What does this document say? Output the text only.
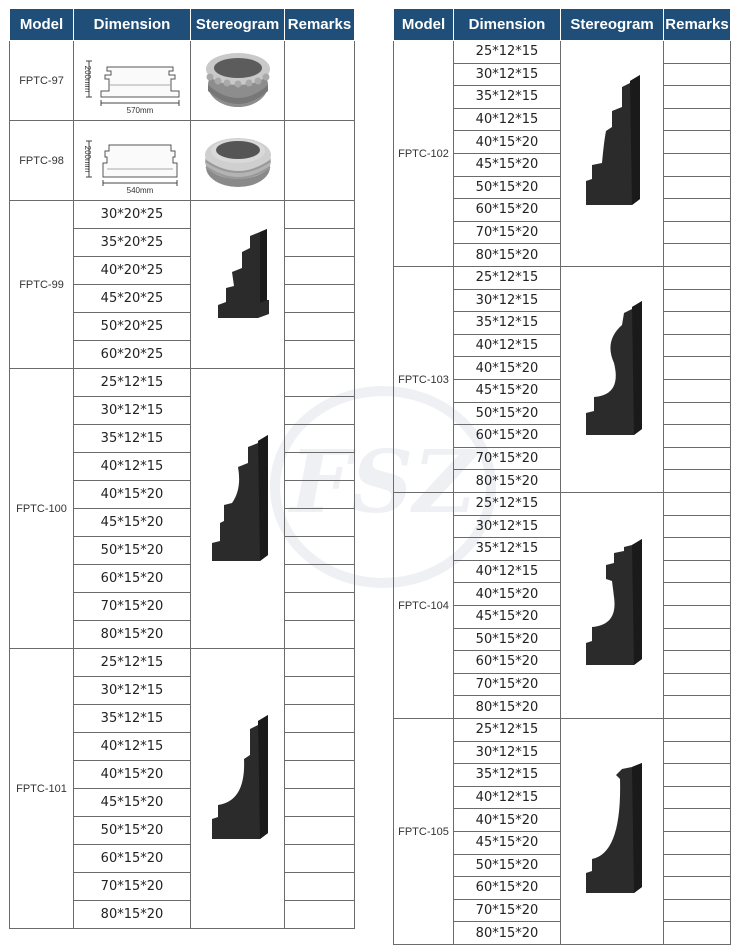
FSZ
Model	Dimension	Stereogram	Remarks
FPTC-97	200mm
570mm

FPTC-98	200mm
540mm

FPTC-99	30*20*25		
	35*20*25		
	40*20*25		
	45*20*25		
	50*20*25		
	60*20*25		
FPTC-100	25*12*15		
	30*12*15		
	35*12*15		
	40*12*15		
	40*15*20		
	45*15*20		
	50*15*20		
	60*15*20		
	70*15*20		
	80*15*20		
FPTC-101	25*12*15		
	30*12*15		
	35*12*15		
	40*12*15		
	40*15*20		
	45*15*20		
	50*15*20		
	60*15*20		
	70*15*20		
	80*15*20		
Model	Dimension	Stereogram	Remarks
FPTC-102	25*12*15		
	30*12*15		
	35*12*15		
	40*12*15		
	40*15*20		
	45*15*20		
	50*15*20		
	60*15*20		
	70*15*20		
	80*15*20		
FPTC-103	25*12*15		
	30*12*15		
	35*12*15		
	40*12*15		
	40*15*20		
	45*15*20		
	50*15*20		
	60*15*20		
	70*15*20		
	80*15*20		
FPTC-104	25*12*15		
	30*12*15		
	35*12*15		
	40*12*15		
	40*15*20		
	45*15*20		
	50*15*20		
	60*15*20		
	70*15*20		
	80*15*20		
FPTC-105	25*12*15		
	30*12*15		
	35*12*15		
	40*12*15		
	40*15*20		
	45*15*20		
	50*15*20		
	60*15*20		
	70*15*20		
	80*15*20		
